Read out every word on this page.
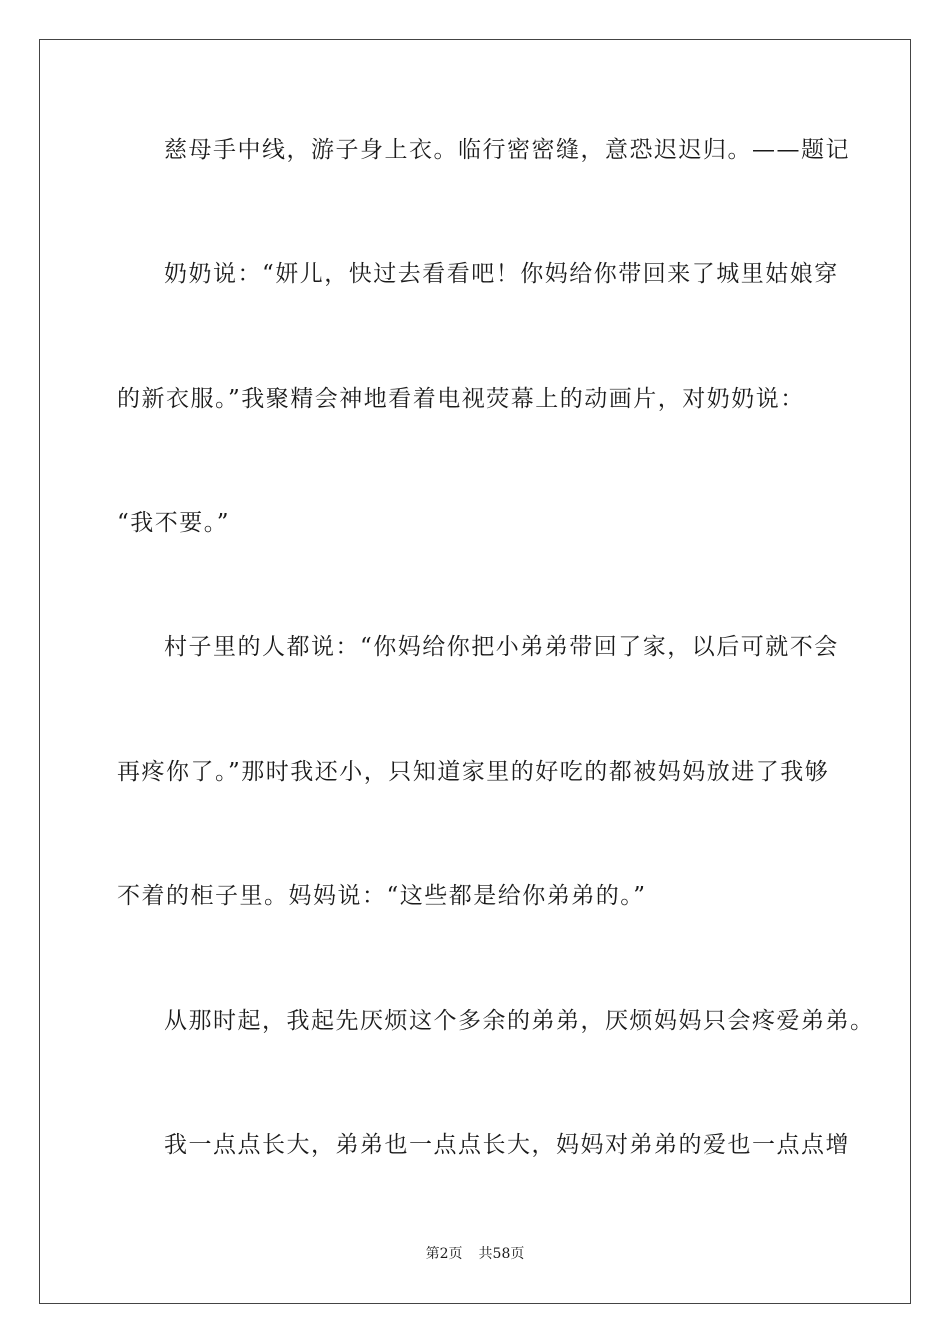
慈母手中线，游子身上衣。临行密密缝，意恐迟迟归。——题记
奶奶说：“妍儿，快过去看看吧！你妈给你带回来了城里姑娘穿
的新衣服。”我聚精会神地看着电视荧幕上的动画片，对奶奶说：
“我不要。”
村子里的人都说：“你妈给你把小弟弟带回了家，以后可就不会
再疼你了。”那时我还小，只知道家里的好吃的都被妈妈放进了我够
不着的柜子里。妈妈说：“这些都是给你弟弟的。”
从那时起，我起先厌烦这个多余的弟弟，厌烦妈妈只会疼爱弟弟。
我一点点长大，弟弟也一点点长大，妈妈对弟弟的爱也一点点增
第2页 共58页
